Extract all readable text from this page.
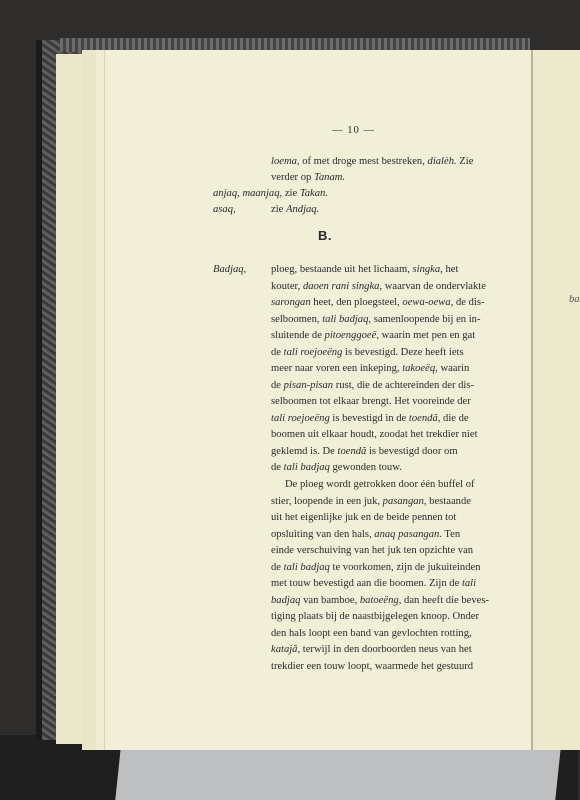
ba
— 10 —
loema, of met droge mest bestreken, dialèh. Zie
verder op Tanam.
anjaq, maanjaq, zie Takan.
asaq,	zie Andjaq.
B.
Badjaq, ploeg, bestaande uit het lichaam, singka, het
kouter, daoen rani singka, waarvan de ondervlakte
sarongan heet, den ploegsteel, oewa-oewa, de dis-
selboomen, tali badjaq, samenloopende bij en in-
sluitende de pitoenggoeë, waarin met pen en gat
de tali roejoeëng is bevestigd. Deze heeft iets
meer naar voren een inkeping, takoeëq, waarin
de pisan-pisan rust, die de achtereinden der dis-
selboomen tot elkaar brengt. Het vooreinde der
tali roejoeëng is bevestigd in de toendă, die de
boomen uit elkaar houdt, zoodat het trekdier niet
geklemd is. De toendă is bevestigd door om
de tali badjaq gewonden touw.
De ploeg wordt getrokken door één buffel of
stier, loopende in een juk, pasangan, bestaande
uit het eigenlijke juk en de beide pennen tot
opsluiting van den hals, anaq pasangan. Ten
einde verschuiving van het juk ten opzichte van
de tali badjaq te voorkomen, zijn de jukuiteinden
met touw bevestigd aan die boomen. Zijn de tali
badjaq van bamboe, batoeëng, dan heeft die beves-
tiging plaats bij de naastbijgelegen knoop. Onder
den hals loopt een band van gevlochten rotting,
katajă, terwijl in den doorboorden neus van het
trekdier een touw loopt, waarmede het gestuurd
